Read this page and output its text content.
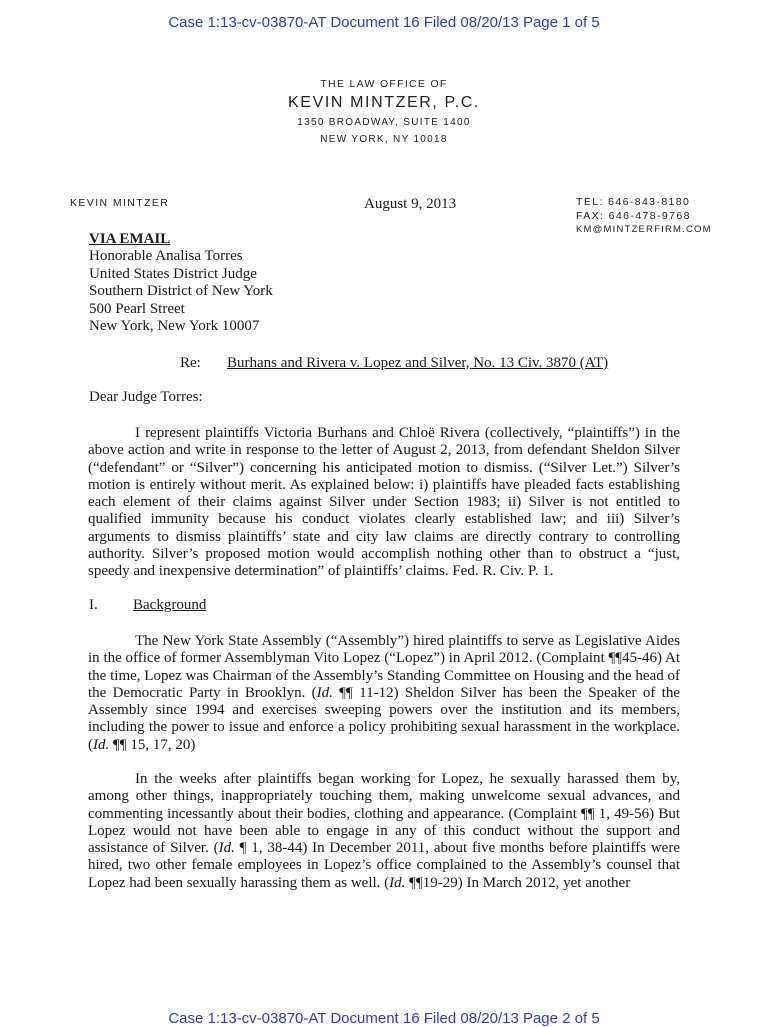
Case 1:13-cv-03870-AT Document 16 Filed 08/20/13 Page 1 of 5
THE LAW OFFICE OF
KEVIN MINTZER, P.C.
1350 BROADWAY, SUITE 1400
NEW YORK, NY 10018
KEVIN MINTZER	August 9, 2013	TEL: 646-843-8180
FAX: 646-478-9768
KM@MINTZERFIRM.COM
VIA EMAIL
Honorable Analisa Torres
United States District Judge
Southern District of New York
500 Pearl Street
New York, New York 10007
Re: Burhans and Rivera v. Lopez and Silver, No. 13 Civ. 3870 (AT)
Dear Judge Torres:
I represent plaintiffs Victoria Burhans and Chloë Rivera (collectively, “plaintiffs”) in the above action and write in response to the letter of August 2, 2013, from defendant Sheldon Silver (“defendant” or “Silver”) concerning his anticipated motion to dismiss. (“Silver Let.”) Silver’s motion is entirely without merit. As explained below: i) plaintiffs have pleaded facts establishing each element of their claims against Silver under Section 1983; ii) Silver is not entitled to qualified immunity because his conduct violates clearly established law; and iii) Silver’s arguments to dismiss plaintiffs’ state and city law claims are directly contrary to controlling authority. Silver’s proposed motion would accomplish nothing other than to obstruct a “just, speedy and inexpensive determination” of plaintiffs’ claims. Fed. R. Civ. P. 1.
I. Background
The New York State Assembly (“Assembly”) hired plaintiffs to serve as Legislative Aides in the office of former Assemblyman Vito Lopez (“Lopez”) in April 2012. (Complaint ¶¶45-46) At the time, Lopez was Chairman of the Assembly’s Standing Committee on Housing and the head of the Democratic Party in Brooklyn. (Id. ¶¶ 11-12) Sheldon Silver has been the Speaker of the Assembly since 1994 and exercises sweeping powers over the institution and its members, including the power to issue and enforce a policy prohibiting sexual harassment in the workplace. (Id. ¶¶ 15, 17, 20)
In the weeks after plaintiffs began working for Lopez, he sexually harassed them by, among other things, inappropriately touching them, making unwelcome sexual advances, and commenting incessantly about their bodies, clothing and appearance. (Complaint ¶¶ 1, 49-56) But Lopez would not have been able to engage in any of this conduct without the support and assistance of Silver. (Id. ¶ 1, 38-44) In December 2011, about five months before plaintiffs were hired, two other female employees in Lopez’s office complained to the Assembly’s counsel that Lopez had been sexually harassing them as well. (Id. ¶¶19-29) In March 2012, yet another
Case 1:13-cv-03870-AT Document 16 Filed 08/20/13 Page 2 of 5
